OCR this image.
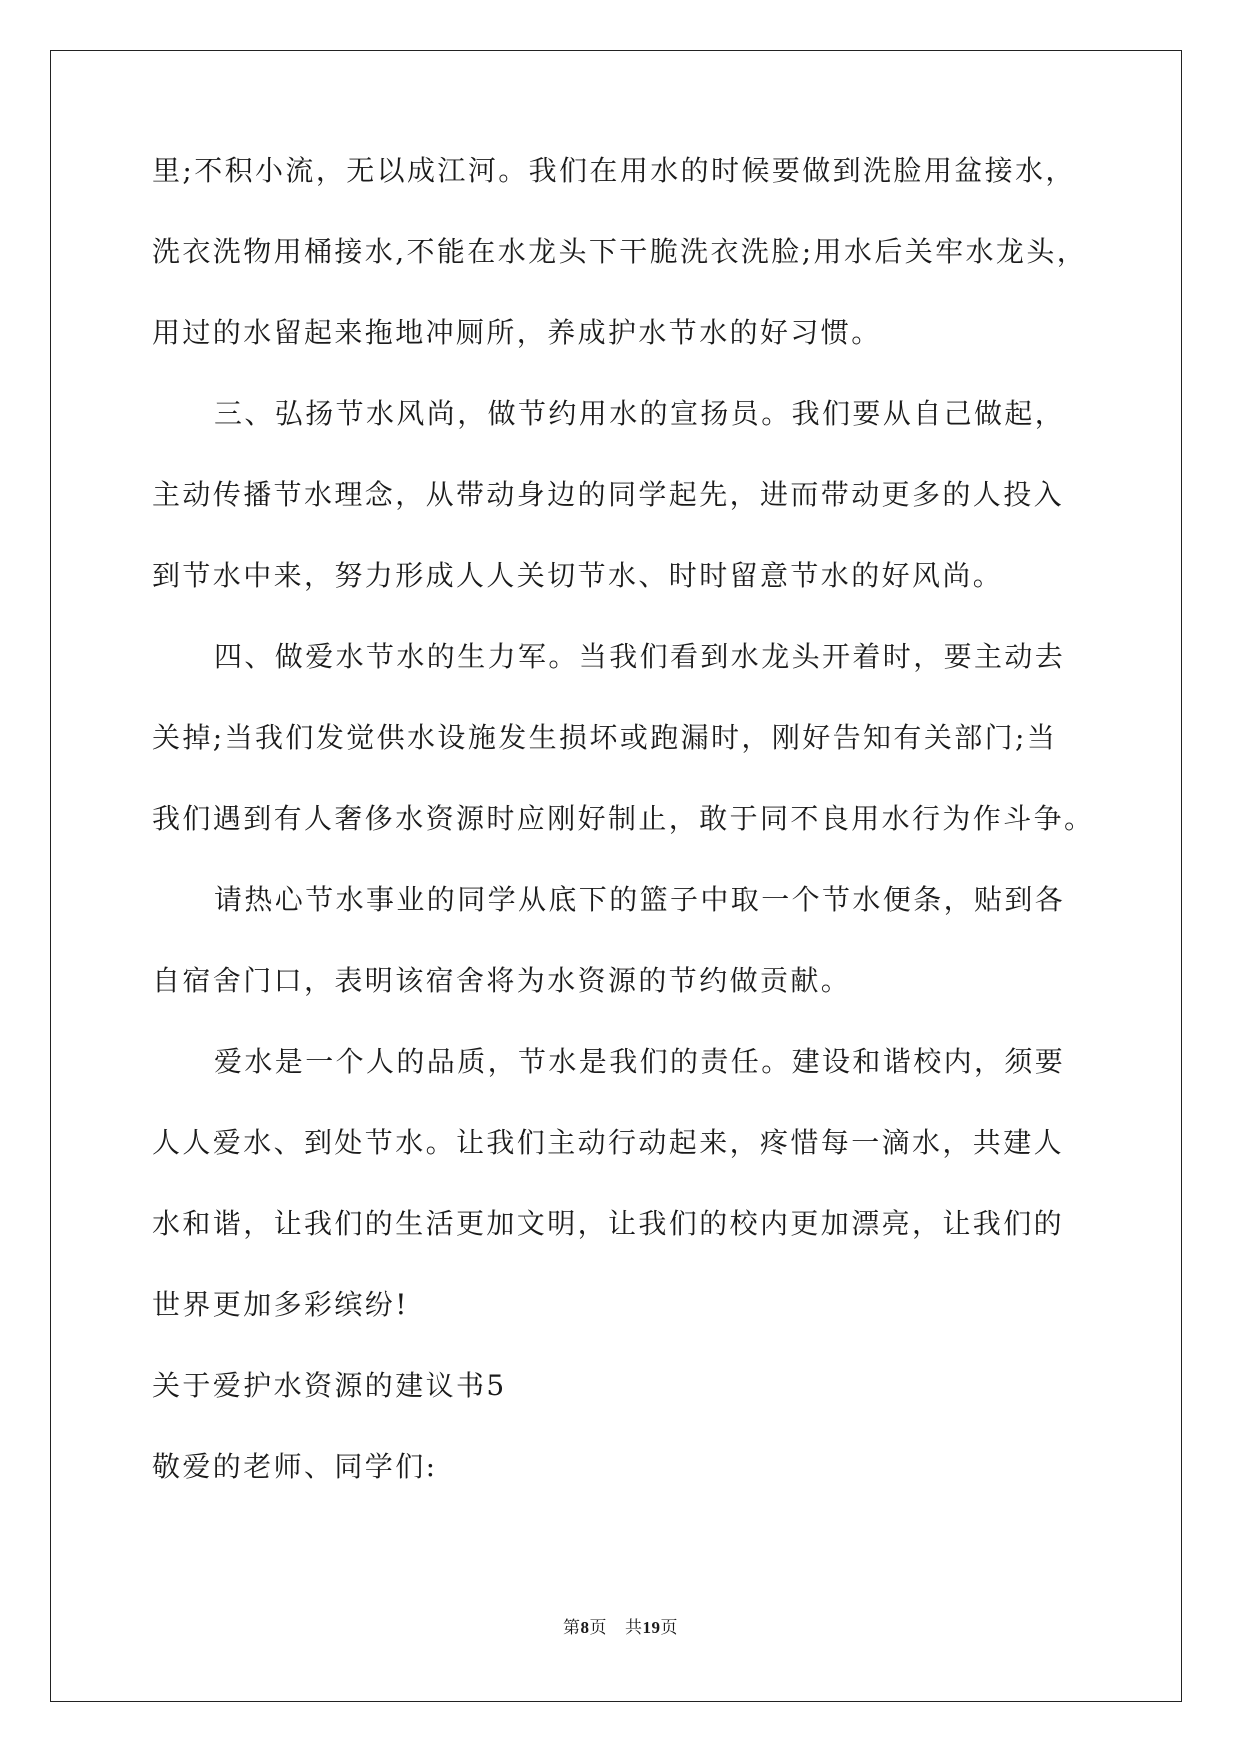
里;不积小流，无以成江河。我们在用水的时候要做到洗脸用盆接水，

洗衣洗物用桶接水,不能在水龙头下干脆洗衣洗脸;用水后关牢水龙头，

用过的水留起来拖地冲厕所，养成护水节水的好习惯。

三、弘扬节水风尚，做节约用水的宣扬员。我们要从自己做起，

主动传播节水理念，从带动身边的同学起先，进而带动更多的人投入

到节水中来，努力形成人人关切节水、时时留意节水的好风尚。

四、做爱水节水的生力军。当我们看到水龙头开着时，要主动去

关掉;当我们发觉供水设施发生损坏或跑漏时，刚好告知有关部门;当

我们遇到有人奢侈水资源时应刚好制止，敢于同不良用水行为作斗争。

请热心节水事业的同学从底下的篮子中取一个节水便条，贴到各

自宿舍门口，表明该宿舍将为水资源的节约做贡献。

爱水是一个人的品质，节水是我们的责任。建设和谐校内，须要

人人爱水、到处节水。让我们主动行动起来，疼惜每一滴水，共建人

水和谐，让我们的生活更加文明，让我们的校内更加漂亮，让我们的

世界更加多彩缤纷!

关于爱护水资源的建议书5

敬爱的老师、同学们:

第8页 共19页
